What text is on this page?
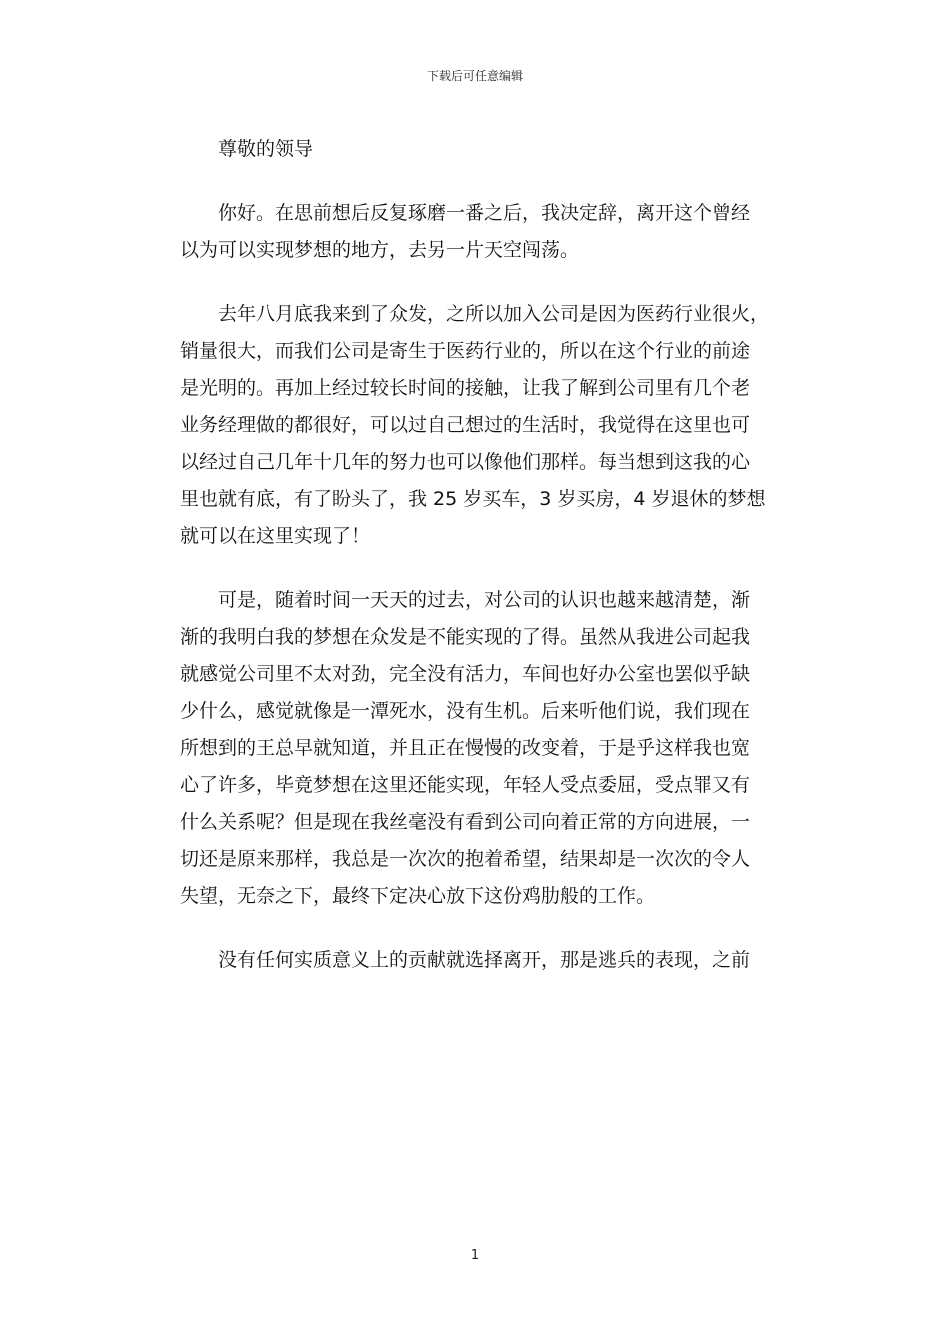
下载后可任意编辑
尊敬的领导
你好。在思前想后反复琢磨一番之后，我决定辞，离开这个曾经
以为可以实现梦想的地方，去另一片天空闯荡。
去年八月底我来到了众发，之所以加入公司是因为医药行业很火，
销量很大，而我们公司是寄生于医药行业的，所以在这个行业的前途
是光明的。再加上经过较长时间的接触，让我了解到公司里有几个老
业务经理做的都很好，可以过自己想过的生活时，我觉得在这里也可
以经过自己几年十几年的努力也可以像他们那样。每当想到这我的心
里也就有底，有了盼头了，我 25 岁买车，3 岁买房，4 岁退休的梦想
就可以在这里实现了！
可是，随着时间一天天的过去，对公司的认识也越来越清楚，渐
渐的我明白我的梦想在众发是不能实现的了得。虽然从我进公司起我
就感觉公司里不太对劲，完全没有活力，车间也好办公室也罢似乎缺
少什么，感觉就像是一潭死水，没有生机。后来听他们说，我们现在
所想到的王总早就知道，并且正在慢慢的改变着，于是乎这样我也宽
心了许多，毕竟梦想在这里还能实现，年轻人受点委屈，受点罪又有
什么关系呢？但是现在我丝毫没有看到公司向着正常的方向进展，一
切还是原来那样，我总是一次次的抱着希望，结果却是一次次的令人
失望，无奈之下，最终下定决心放下这份鸡肋般的工作。
没有任何实质意义上的贡献就选择离开，那是逃兵的表现，之前
1
